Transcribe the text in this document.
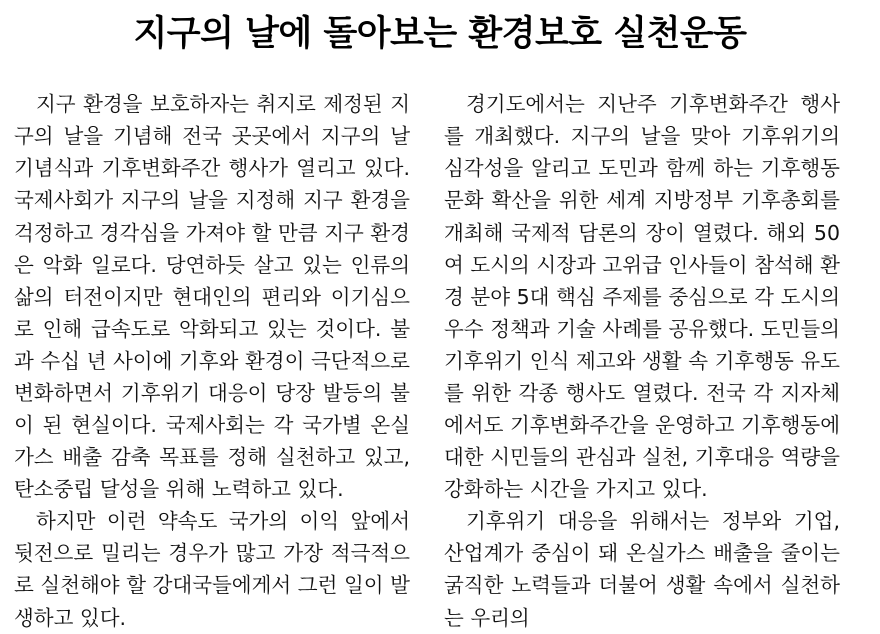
지구의 날에 돌아보는 환경보호 실천운동

지구 환경을 보호하자는 취지로 제정된 지구의 날을 기념해 전국 곳곳에서 지구의 날 기념식과 기후변화주간 행사가 열리고 있다. 국제사회가 지구의 날을 지정해 지구 환경을 걱정하고 경각심을 가져야 할 만큼 지구 환경은 악화 일로다. 당연하듯 살고 있는 인류의 삶의 터전이지만 현대인의 편리와 이기심으로 인해 급속도로 악화되고 있는 것이다. 불과 수십 년 사이에 기후와 환경이 극단적으로 변화하면서 기후위기 대응이 당장 발등의 불이 된 현실이다. 국제사회는 각 국가별 온실가스 배출 감축 목표를 정해 실천하고 있고, 탄소중립 달성을 위해 노력하고 있다.

하지만 이런 약속도 국가의 이익 앞에서 뒷전으로 밀리는 경우가 많고 가장 적극적으로 실천해야 할 강대국들에게서 그런 일이 발생하고 있다.

경기도에서는 지난주 기후변화주간 행사를 개최했다. 지구의 날을 맞아 기후위기의 심각성을 알리고 도민과 함께 하는 기후행동 문화 확산을 위한 세계 지방정부 기후총회를 개최해 국제적 담론의 장이 열렸다. 해외 50여 도시의 시장과 고위급 인사들이 참석해 환경 분야 5대 핵심 주제를 중심으로 각 도시의 우수 정책과 기술 사례를 공유했다. 도민들의 기후위기 인식 제고와 생활 속 기후행동 유도를 위한 각종 행사도 열렸다. 전국 각 지자체에서도 기후변화주간을 운영하고 기후행동에 대한 시민들의 관심과 실천, 기후대응 역량을 강화하는 시간을 가지고 있다.

기후위기 대응을 위해서는 정부와 기업, 산업계가 중심이 돼 온실가스 배출을 줄이는 굵직한 노력들과 더불어 생활 속에서 실천하는 우리의
